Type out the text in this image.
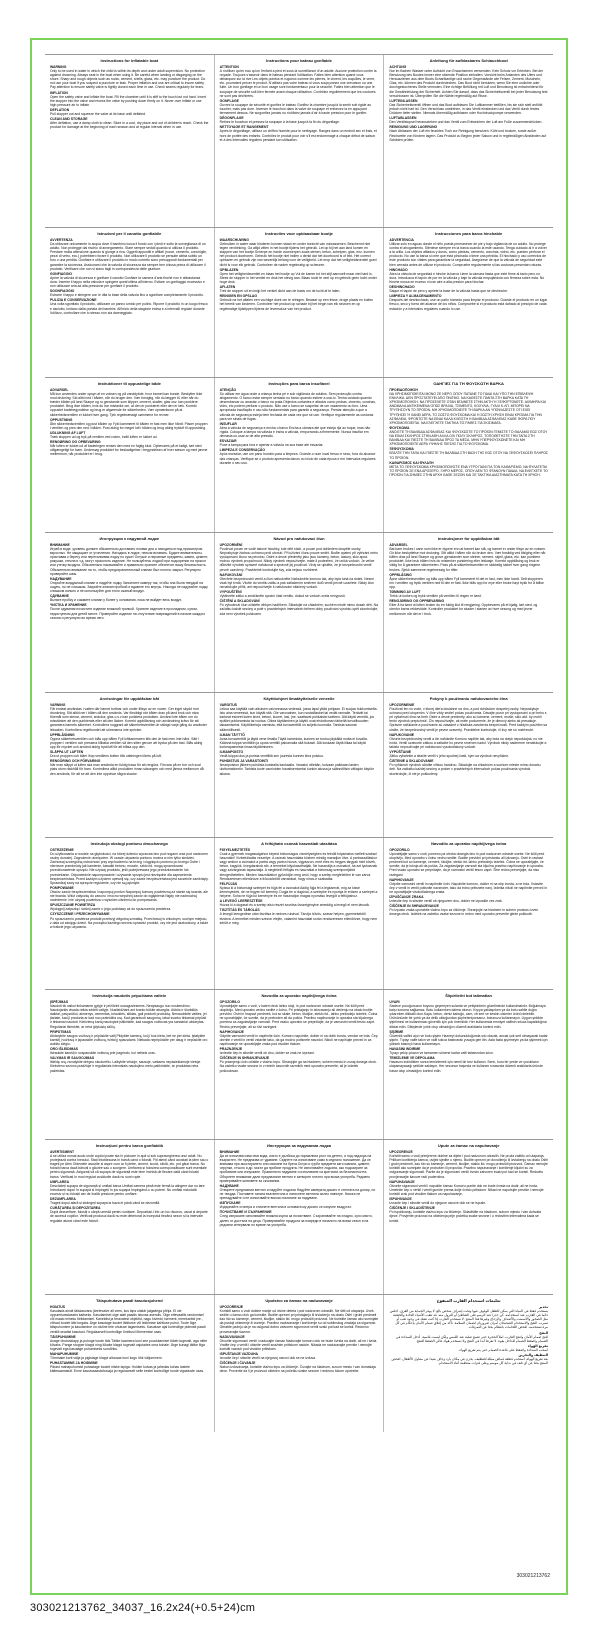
Instructions for inflatable boat
WARNING
Only to be used in water in which the child is within its depth and under adult supervision. No protection against drowning. Always seat in the boat when using it. Be careful when landing or disgarging on the shore. Sharp and rough objects such as rocks, cement, shells, glass, etc. may puncture the product. Do not use your boat if you suspect a puncture or leak. Proper inflation and use are critical to insure safety. Pay attention to ensure safety valve is tightly closed each time in use. Check seams regularly for tears.
INFLATION
Open the safety valve and inflate the boat. Fill the chamber until it is stiff to the touch but not hard. Invert the stopper into the valve and recess the valve by pushing down firmly on it. Never over inflate or use high pressure air to inflate.
DEFLATION
Pull stopper out and squeeze the valve at its base until deflated.
CLEAN AND STORAGE
After deflation, use a damp cloth to clean. Store in a cool, dry place and out of children's reach. Check the product for damage at the beginning of each season and at regular interval when in use.
Instructions pour bateau gonflable
ATTENTION
A n'utiliser qu'en eau qu'on l'enfant a pied et sous la surveillance d'un adulte. Aucune protection contre la noyade. Toujours s'asseoir dans le bateau pendant l'utilisation. Faites bien attention quand vous debarquez sur la rive Les objets pointus et rugueux comme les pierres, le ciment, les coquilles, le verre, etc. pourraient percer le produit. N'utilisez pas votre bateau si vous soupçonnez une crevaison ou une fuite. Un bon gonflage et un bon usage sont fondamentaux pour la sécurité. Faites bien attention que le soupape de sécurité soit bien fermée avant chaque utilisation. Contrôlez régulièrement que les coutures ne sont pas déchirées.
GONFLAGE
Ouvrez la soupape de sécurité et gonflez le bateau Gonflez la chambre jusqu'à la sentir soit rigide au toucher, mais pas dure. Inverser le bouchon dans la valve de soupape et enfoncez la en appuyant fermement dessus. Ne surgonflez jamais ou n'utilisez jamais d'air à haute pression pour le gonfler.
DÉGONFLAGE
Retirez le bouchon et pressez la soupape à la base jusqu'à la fin du dégonflage.
NETTOYAGE ET RANGEMENT
Après le dégonflage, utilisez un chiffon humide pour le nettoyage. Rangez dans un endroit sec et frais, et hors de portée des enfants. Contrôlez le produit pour voir s'il est endommagé à chaque début de saison et à des intervalles réguliers pendant son utilisation.
Anleitung für aufblasbares Schlauchboot
ACHTUNG
Nur im flachen Wasser unter Aufsicht von Erwachsenen verwenden. Kein Schutz vor Ertrinken. Bei der Benutzung des Bootes immer eine sitzende Position einhalten. Vorsicht beim Anlanden des Ufers und Herausziehen aus dem Boots.Scharfkantige und rauhe Gegenstände wie Felsen, Zement, Muscheln, Glas, etc. können das Produkt durchstechen. Das Boot nicht benutzen, wenn Sie eine undichte oder durchgestochenes Stelle vermuten. Eine richtige Befüllung mit Luft und Benutzung ist entscheidend für die Gewährleistung der Sicherheit. Achten Sie darauf, dass das Sicherheitsventil bei jeder Benutzung fest verschlossen ist. Überprüfen Sie die Nähte regelmäßig auf Risse.
LUFTEINLASSEN
Das Sicherheitsventil öffnen und das Boot aufblasen Die Luftkammer befüllen, bis sie sich steif anfühlt jedoch nicht hart ist. Den Verschluss umdrehen, in das Ventil einstecken und das Ventil durch festes Drücken tiefer stellen. Niemals übermäßig aufblasen oder Hochdruckpumpe verwenden.
LUFTABLASSEN
Den Ventilstopsel herausziehen und das Ventil zum Entweichen der Luft am Fuße zusammendrücken.
REINIGUNG UND LAGERUNG
Nach Ablassen der Luft ein feuchtes Tuch zur Reinigung benutzen. Kühl und trocken, sowie außer Reichweite von Kindern lagern. Das Produkt zu Beginn jeder Saison und in regelmäßigen Abständen auf Schäden prüfen.
Istruzioni per il canotto gonfiabile
AVVERTENZA
Da utilizzare unicamente in acqua dove il bambino tocca il fondo con i piedi e sotto la sorveglianza di un adulto. Non protegge dal rischio di annegamento. Stare sempre seduti quando si utilizza il prodotto. Prestare molta attenzione quando si giunge a riva. Oggetti appuntiti e affilati (rocce, cemento, conchiglie, pezzi di vetro, ecc.) potrebbero forare il prodotto. Non utilizzare il prodotto se pensate abbia subito un foro o una perdita. Gonfiare e utilizzare il prodotto in modo corretto sono presupposti fondamentali per garantire la sicurezza. Assicurarsi che la valvola di sicurezza sia sempre ben chiusa prima di utilizzare il prodotto. Verificare che non vi siano tagli in corrispondenza delle giunture.
GONFIAGGIO
Aprire la valvola di sicurezza e gonfiare il canotto Gonfiare la camera d'aria finché non è abbastanza dura. Inserire il tappo nella valvola e spingere quest'ultima all'interno. Evitare un gonfiaggio eccessivo e non utilizzare aria ad alta pressione per gonfiare il prodotto.
SGONFIAGGIO
Estrarre il tappo e stringere con le dita la base della valvola fino a sgonfiare completamente il prodotto.
PULIZIA E CONSERVAZIONE
Una volta sgonfiato il prodotto, utilizzare un panno umido per pulirlo. Riporre il prodotto in un luogo fresco e asciutto, lontano dalla portata dei bambini. All'inizio della stagione estiva e a intervalli regolari durante l'utilizzo, controllare che lo stesso non sia danneggiato.
Instructies voor opblaasbaar bootje
WAARSCHUWING
Gebruiken in water waar kinderen kunnen staan en onder toezicht van volwassenen. Beschermt niet tegen verdrinking. Ga altijd zitten in het bootje tijdens het gebruik. Let op bij het aan land komen en stappen van het bootje.Scherpe en harde voorwerpen zoals stenen, beton, schelpen, glas, enz. kunnen het product doorboren. Gebruik het bootje niet indien u denkt dat het doorboord is of lekt. Het correct opblazen en gebruik zijn van wezenlijk belang voor de veiligheid. Let erop dat het veiligheidsventiel goed dicht is voor elk gebruik. Controleer de naden regelmatig op scheuren.
OPBLAZEN
Open het veiligheidsventiel en blaas het bootje op Vul de kamer tot het stijf aanvoelt maar niet hard is. Steek de stopper in het ventiel en druk het stevig aan. Blaas nooit te veel op en gebruik geen lucht onder hoge druk.
AFLATEN
Trek de stopper uit en knijp het ventiel dicht aan de basis om de lucht af te laten.
REINIGEN EN OPSLAG
Gebruik na het aflaten een vochtige doek om te reinigen. Bewaar op een frisse, droge plaats en buiten het bereik van kinderen. Controleer het product op schade bij het begin van elk seizoen en op regelmatige tijdstippen tijdens de levensduur van het product.
Instrucciones para barca hinchable
ADVERTENCIA
Utilizar solo en aguas donde el niño pueda permanecer de pie y bajo vigilancia de un adulto. No protege contra el ahogamiento. Siéntese siempre en la barca cuando la esté usando. Tenga cuidado al ir a volver a la orilla. Los objetos afilados y duros, como piedras, cemento, conchas, vidrio, etc. pueden perforar el producto. No use la barca si cree que está pinchada o tiene una pérdida. El hinchado y uso correctos de este producto son vitales para garantizar la seguridad. Asegúrese de que la válvula de seguridad esté bien cerrada antes de utilizar el producto. Compruebe regularmente si las costuras presentan roturas.
HINCHADO
Abra la válvula de seguridad e hinche la barca Llene la cámara hasta que esté firme al tacto pero no dura. Introduzca el tapón de por en la válvula y baje la válvula empujándola con firmeza sobre esta. No hinche nunca en exceso ni use aire a alta presión para hinchar.
DESHINCHADO
Saque el tapón de pero y apriete la base de la válvula hasta que se deshinche.
LIMPIEZA Y ALMACENAMIENTO
Después del deshinchado, use un paño húmedo para limpiar el producto. Guarde el producto en un lugar fresco, seco y fuera del alcance de los niños. Compruebe si el producto está dañado al principio de cada estación y a intervalos regulares cuando lo use.
Instruktioner til oppustelige både
ADVARSEL
Må kun anvendes under opsyn af en voksen og på vanddybde, hvor barnet kan bunde. Beskytter ikke mod drukning. Sid altid ned i båden, når du bruger den. Vær forsigtig, når du lægger til, eller når du træder båden på land Skarpe og ru genstande som klipper, cement, skaller, glas osv. kan punktere produktet. Brug ikke båden, hvis du har mistanke om, at den er punkteret eller den er læk. Korrekt oppustet badebegyndelse og brug er afgørende for sikkerheden. Vær opmærksom på at sikkerhedsventilen er lukket hver gang. Tjek regelmæssigt sømmene for revner.
OPPUSTNING
Åbn sikkerhedsventilen og pust båden op Fyld kammeret til båden er fast men ikke hårdt. Placer proppen i ventilen og pres den ned i båden. Pust aldrig for meget luft i båden og brug aldrig trykluft til oppustning.
UDLUKNING AF LUFT
Træk stoppen ud og tryk på ventilen ved roden, indtil luften er lukket ud.
RENGØRING OG OPBEVARING
Når luften er lukket ud af baderingen renses den med en fugtig klud. Opbevares på et køligt, tørt sted utilgængeligt for børn. Undersøg produktet for beskadigelser i begyndelsen af hver sæson og med jævne mellemrum, når produktet er i brug.
Instruções para barca insuflável
ATENÇÃO
Só utilizar em água onde a criança tenha pé e sob vigilância de adultos. Sem protecção contra afogamento. O barco estar sempre sentado no barco quando estiver a usá-lo. Tenha cuidado quando desembarcar ou arrastar o barco na praia.Objectos cortantes e afiados como pedras, cimento, conchas, vidro, etc podem perfurar o produto. Não use o barco se suspeitar de um vazamento ou furo. Uma apropriada insuflação e uso são fundamentais para garantir a segurança. Prestar atenção a que a válvula de segurança esteja bem fechada de cada vez que se use. Verifique regularmente as costuras para ver sinais de fugas.
INSUFLAR
Abra a válvula de segurança e encha o barco Encha a câmara até que esteja rija ao toque, mas não rígida. Coloque a tampa na válvula e insira a válvula, empurrando-a firmemente. Nunca insuflar em demasia ou usar ar de alta pressão.
ESVAZIAR
Puxe a tampa para fora e apertar a válvula na sua base até esvaziar.
LIMPEZA E CONSERVAÇÃO
Após esvaziar, use um pano húmido para a limpeza. Guarde-o num local fresco e seco, fora do alcance das crianças. Verifique se o produto apresenta danos no início de cada época e em intervalos regulares durante o seu uso.
ΟΔΗΓΙΕΣ ΓΙΑ ΤΗ ΦΟΥΣΚΩΤΗ ΒΑΡΚΑ
ΠΡΟΕΙΔΟΠΟΙΗΣΗ
ΝΑ ΧΡΗΣΙΜΟΠΟΙΕΙΤΑΙ ΜΟΝΟ ΣΕ ΝΕΡΟ ΟΠΟΥ ΠΑΤΑΝΕ ΤΟ ΠΑΙΔΙ ΚΑΙ ΥΠΟ ΤΗΝ ΕΠΙΒΛΕΨΗ ΕΝΗΛΙΚΑ. ΔΕΝ ΠΡΟΣΤΑΤΕΥΕΙ ΑΠΟ ΠΝΙΓΜΟ. ΝΑ ΚΑΘΕΣΤΕ ΠΑΝΤΑ ΣΤΗ ΒΑΡΚΑ ΚΑΤΑ ΤΗ ΧΡΗΣΙΜΟΠΟΙΗΣΗ. ΝΑ ΠΡΟΣΕΧΕΤΕ ΟΤΑΝ ΒΓΑΙΝΕΤΕ ΣΤΗΝ ΑΚΤΗ Ή ΞΕΦΟΡΤΩΝΕΤΕ. ΑΙΧΜΗΡΑ ΚΑΙ ΑΝΩΜΑΛΑ ΑΝΤΙΚΕΙΜΕΝΑ ΟΠΩΣ ΒΡΑΧΙΑ, ΤΣΙΜΕΝΤΟ, ΚΟΧΥΛΙΑ, ΓΥΑΛΙ Κ.ΛΠ. ΜΠΟΡΕΙ ΝΑ ΤΡΥΠΗΣΟΥΝ ΤΟ ΠΡΟΪΟΝ. ΜΗ ΧΡΗΣΙΜΟΠΟΙΕΙΤΕ ΤΗ ΒΑΡΚΑ ΑΝ ΥΠΟΨΙΑΖΕΣΤΕ ΟΤΙ ΕΧΕΙ ΤΡΥΠΗΣΕΙ Ή ΧΑΝΕΙ ΑΕΡΑ. ΤΟ ΣΩΣΤΟ ΦΟΥΣΚΩΜΑ ΚΑΙ Η ΣΩΣΤΗ ΧΡΗΣΗ ΕΙΝΑΙ ΚΡΙΣΙΜΑ ΓΙΑ ΤΗΝ ΑΣΦΑΛΕΙΑ. ΦΡΟΝΤΙΣΤΕ ΝΑ ΕΙΝΑΙ ΚΑΛΑ ΚΛΕΙΣΤΗ Η ΒΑΛΒΙΔΑ ΑΣΦΑΛΕΙΑΣ ΚΑΘΕ ΦΟΡΑ ΠΟΥ ΧΡΗΣΙΜΟΠΟΙΕΙΤΑΙ. ΝΑ ΕΛΕΓΧΕΤΕ ΤΑΚΤΙΚΑ ΤΙΣ ΡΑΦΕΣ ΓΙΑ ΣΚΙΣΙΜΑΤΑ.
ΦΟΥΣΚΩΜΑ
ΑΝΟΙΞΤΕ ΤΗ ΒΑΛΒΙΔΑ ΑΣΦΑΛΕΙΑΣ ΚΑΙ ΦΟΥΣΚΩΣΤΕ ΤΟ ΠΡΟΪΟΝ ΓΕΜΙΣΤΕ ΤΟ ΘΑΛΑΜΟ ΕΩΣ ΟΤΟΥ ΝΑ ΕΙΝΑΙ ΣΚΛΗΡΟΣ ΣΤΗΝ ΑΦΗ ΑΛΛΑ ΟΧΙ ΠΟΛΥ ΣΚΛΗΡΟΣ. ΤΟΠΟΘΕΤΗΣΤΕ ΤΗΝ ΤΑΠΑ ΣΤΗ ΒΑΛΒΙΔΑ ΚΑΙ ΠΙΕΣΤΕ ΤΗ ΒΑΛΒΙΔΑ ΠΡΟΣ ΤΑ ΜΕΣΑ. ΜΗΝ ΥΠΕΡΦΟΥΣΚΩΝΕΤΕ ΚΑΙ ΜΗ ΧΡΗΣΙΜΟΠΟΙΕΙΤΕ ΑΕΡΑ ΥΨΗΛΗΣ ΠΙΕΣΗΣ ΓΙΑ ΤΟ ΦΟΥΣΚΩΜΑ.
ΞΕΦΟΥΣΚΩΜΑ
ΒΓΑΛΤΕ ΤΗΝ ΤΑΠΑ ΚΑΙ ΠΙΕΣΤΕ ΤΗ ΒΑΛΒΙΔΑ ΣΤΗ ΒΑΣΗ ΤΗΣ ΕΩΣ ΟΤΟΥ ΝΑ ΞΕΦΟΥΣΚΩΣΕΙ ΠΛΗΡΩΣ ΤΟ ΠΡΟΪΟΝ.
ΚΑΘΑΡΙΣΜΟΣ ΚΑΙ ΦΥΛΑΞΗ
ΜΕΤΑ ΤΟ ΞΕΦΟΥΣΚΩΜΑ ΧΡΗΣΙΜΟΠΟΙΗΣΤΕ ΕΝΑ ΥΓΡΟ ΠΑΝΙ ΓΙΑ ΤΟΝ ΚΑΘΑΡΙΣΜΟ. ΝΑ ΦΥΛΑΓΕΤΑΙ ΤΟ ΠΡΟΪΟΝ ΣΕ ΕΝΑ ΔΡΟΣΕΡΟ, ΞΗΡΟ ΜΕΡΟΣ, ΟΠΟΥ ΔΕΝ ΤΟ ΦΤΑΝΟΥΝ ΠΑΙΔΙΑ. ΝΑ ΕΛΕΓΧΕΤΕ ΤΟ ΠΡΟΪΟΝ ΓΙΑ ΖΗΜΙΕΣ ΣΤΗΝ ΑΡΧΗ ΚΑΘΕ ΣΕΖΟΝ ΚΑΙ ΣΕ ΤΑΚΤΙΚΑ ΔΙΑΣΤΗΜΑΤΑ ΚΑΤΑ ΤΗ ΧΡΗΣΗ.
Инструкция к надувной лодке
ВНИМАНИЕ
Играй в воде, уровень должен обязательно доставать ногами дна и находиться под присмотром взрослых. Не защищает от утопления. Находясь в лодке, нельзя вставать. Будьте внимательны, приставая к берегу или переталкивая лодку по суше! Острые и неровные предметы, камни, цемент, ракушки, стекла и т.д. могут проколоть изделие. Не пользуйтесь лодкой при подозрении на прокол или утечку воздуха. Обязательно накачивайте и правильно храните обеспечит вашу безопасность. Обязательно внимание на то, чтобы предохранительный клапан был плотно закрыт. Регулярно проверяйте швы.
НАДУВАНИЕ
Откройте воздушный клапан и надуйте лодку Заполните камеру так, чтобы она была твердой на ощупь, но не слишком. Закройте клапан пробкой и вдавите его внутрь. Никогда не надувайте лодку слишком сильно и не используйте для этого сжатый воздух.
СДУВАНИЕ
Выньте пробку и сожмите клапан у более у основания, пока не выйдет весь воздух.
ЧИСТКА И ХРАНЕНИЕ
После сдувания почистите изделие влажной тряпкой. Храните изделие в прохладном, сухом, недоступном для детей месте. Проверяйте изделие на отсутствие повреждений в начале каждого сезона и регулярно во время него.
Návod pro nafukovací člun
UPOZORNĚNÍ
Používat pouze ve vodě takové hloubky, kde dítě stačí, a pouze pod dohledem dospělé osoby. Neposkytuje žádnou ochranu proti utonutí. Při užívání člunu pouze sedět. Buďte opatrní při vylézání nebo vystupování člunu na pevninu. Ostré a drsné předměty jako jsou kameny, beton, lastury, sklo apod. mohou výrobek propíchnout. Nikdy výrobek nepoužívejte, máte-li podezření, že uniká vzduch. Je velice důležité výrobek správně nafukovat a správně jej používat. Vždy se ujistěte, že je bezpečnostní ventil pevně uzavřený. Pravidelně kontrolujte švy, zda nejsou roztržené.
NAFUKOVÁNÍ
Otevřete bezpečnostní ventil a člun nafoukněte Nafoukněte komoru tak, aby byla tuhá na dotek. Nesmí však být tvrdá. Vložte do ventilu zátku a pak zatlačením směrem dolů ventil pevně uzavřete. Nikdy člun nenafukujte příliš, ani nepoužívejte k nafukování stlačený vzduch.
VYPOUŠTĚNÍ
Vytáhněte zátku a zmáčkněte spodní část ventilu, dokud se vzduch zcela nevypustí.
ČIŠTĚNÍ A SKLADOVÁNÍ
Po vyfouknutí člun očistěte vlhkým hadříkem. Skladujte na chladném, suchém místě mimo dosah dětí. Na začátku každé sezóny a poté v pravidelných intervalech během doby používání výrobku opět zkontrolujte, zda není výrobek poškozen.
Instruksjoner for oppblåsbar båt
ADVARSEL
Bat bare brukes i vann som ikke er dypere enn at barnet kan stå, og barnet er under tilsyn av en voksen. Gir ikke beskyttelse mot drukning. Sitt alltid i båten når du bruker den. Vær forsiktig ved tilsiging eller når båten dras på land Skarpe og grove gjenstander som steiner, sement, skjell, glass, etc. kan punktere produktet. Ikke bruk båten hvis du mistenker punktering eller lekkasje. Korrekt oppblåsing og bruk er viktig for å garantere sikkerheten. Pass på at sikkerhetsventilen er skikkelig lukket hver gang ringene brukes. Sjekk sømmene regelmessig for rifter.
OPPBLÅSING
Åpne sikkerhetsventilen og blås opp båten Fyll kammeret til det er fast, men ikke hardt. Sett stopperen inn i ventilen og trykk ventilen ned til den er fast. Ikke blås opp for mye eller bruke høyt trykk for å blåse opp.
TØMMING AV LUFT
Trekk ut korken og trykk ventilen på ventilen til ringen er tømt.
RENGJØRING OG OPPBEVARING
Etter å ha tømt ut luften bruker du en fuktig klut til rengjøring. Oppbevares på et kjølig, tørt sted, og utenfor barns rekkevidde. Kontroller produktet for skader i starten av hver sesong og med jevne mellomrom når det er i bruk.
Anvisningar för uppblåsbar båt
VARNING
Får endast användas i vatten där barnet bottnar och under tillsyn av en vuxen. Ger inget skydd mot drunkning. Sitt alltid ner i båten då den används. Var försiktigt när båten dras på land bruk och nära föremål som stenar, cement, snäckor, glas o.s.v kan punktera produkten. Använd inte båten om du misstänker att den punkterats eller att den läcker. Korrekt uppblåsning och användning krävs för att garantera barnets säkerhet. Kontrollera noggrant att säkerhetsventilen är stängd varje gång du använder leksaken. Kontrollera regelbundet att sömmarna inte spricker.
UPPBLÅSNING
Öppna säkerhetsventilen och blås upp båten Fyll luftkammaren tills den är fast men inte hård. Sätt i proppen i ventilen och pressera tillbaka ventilen så den sitter genom att trycka på den fast. Blås aldrig upp för mycket och använd aldrig tryckluft för att blåsa upp den.
SLÄPPA UT LUFTEN
Dra ut proppen och kläm ihop ventilens botten tills vattningen tömts på luft.
RENGÖRING OCH FÖRVARING
När man släppt ut luften ska man använda en fuktig trasa för att rengöra. Förvara på en torr och sval plats utom räckhåll för barn. Kontrollera alltid produkten innan säsongen och med jämna mellanrum då den används, för att se att den inte uppvisar några skador.
Käyttöohjeet ilmatäytteiselle veneelle
VAROITUS
Lekua saa käyttää vain aikuisen valvonnassa vedessä, jossa lapsi yltää pohjaan. Ei suojaa hukkumiselta. Istu aina veneessä, kun käytät sitä. Ole varovainen, kun nostat/lasket tai vedät rannalle. Terävät tai karkeat esineet kuten kivet, betoni, kuoret, lasi, jne. saattavat puhkaista tuotteen. Älä käytä venettä, jos epäilet puhkeamista tai vuotoa. Oikea täyttäminen ja käyttö ovat ehdottoman tärkeitä turvallisuuden takaamiseksi. Käyttökertoja varmista, että turvaventtiili on suljettu kunnolla. Tarkista saumat säännöllisesti.
ILMAN TÄYTTÖ
Avaa turvaventtiili ja täytä vene ilmalla Täytä kammiota, kunnes se tuntuu jäykältä mutta ei kovalta. Käännä tulppa venttiiliin ja upota venttiili painamalla sitä tiukasti. Älä koskaan täytä liikaa tai käytä korkeapaineista ilmaa täyttämiseen.
ILMANPOISTO
Vedä tulppa ulos ja purista venttiiliä sen juuresta kunnes ilma poistuu.
PUHDISTUS JA VARASTOINTI
Ilmanpoiston jälkeen puhdista kostealla kankaalla. Varastoi viileään, kuivaan paikkaan lasten ulottumattomiin. Tarkista tuote vaurioiden havaitsemiseksi kunkin alussa ja säännöllisin väliajoin käytön aikana.
Pokyny k používaniu nafukovacieho člna
UPOZORNENIE
Používať len vo vode, v ktorej dieťa dosiahne na dno, a pod dohľadom dospelej osoby. Neposkytuje ochranu pred utopením. V člne vždy sedieť počas používania. Dávajte pozor pri vystupovaní a pri behu s pri vytiahnutí člna na breh Ostré a drsné predmety, ako sú kamene, cement, mušle, sklo atď. by mohli tento výrobok prepichnúť. Čln nepoužívajte, ak máte podozrenie, že je dierový alebo ak presakuje. Správne nafúkanie a používanie sú zásadné z hľadiska zaručenia bezpečnosti. Pred každým použitím sa uistite, že bezpečnostný ventil je pevne uzavretý. Pravidelne kontrolujte, či švy nie sú roztrhnuté.
NAFUKOVANIE
Otvorte bezpečnostný ventil a čln nafúknite Komoru naplňte tak, aby bola na dotyk nepoddajná, no nie tvrdá. Ventil uzatvorte zátkou a zatlačte ho pevne smerom nadol. Výrobok nikdy nadmerne nenafukujte a takisto nepoužívajte pri nafukovaní vysokotlakový vzduch.
VYPÚŠŤANIE
Zátku vytiahnite a stlačte ventil v jeho spodnej časti, kým sa výrobok nevyfúkne.
ČISTENIE A SKLADOVANIE
Po vyfúknutí výrobok očistite vlhkou handrou. Skladujte na chladnom a suchom mieste mimo dosahu detí. Na začiatku každej sezóny a potom v pravidelných intervaloch počas používania výrobok skontrolujte, či nie je poškodený.
Instrukcja obsługi pontonu dmuchanego
OSTRZEŻENIE
Do użytkowania w wodzie na głębokości, na której dziecko wyczuwa dno pod nogami oraz pod nadzorem osoby dorosłej. Zagrożenie utonięciem. W czasie używania pontonu można w nim tylko siedzieć. Zachowaj szczególną ostrożność przy wychodzeniu na brzeg i ciągnięciu pontonu po brzegu Ostre i nierówne przedmioty jak kamienie, kawałki betonu, muszle, szkło itd. mogą spowodować przedziurawienie sprzętu. Nie używaj produktu, jeśli podejrzewasz jego przedziurawienie lub przeciekanie. Odpowiednie napompowanie i używanie sprzętu jest niezbędne dla zapewnienia bezpieczeństwa. Przed każdym użyciem upewnij się, czy zawór bezpieczeństwa jest szczelnie zamknięty. Sprawdzaj szwy na sprzęcie regularnie, czy nie są pęknięte.
POMPOWANIE
Otwórz zawór bezpieczeństwa i napompuj ponton Napompuj komorę powietrzną aż stanie się twarda, ale nie twarda. Włóż zatyczkę do zaworu i mocno wepchnij zawór do wgłębienia Nigdy nie nadmuchuj nadmiernie i nie używaj powietrza o wysokim ciśnieniu do pompowania.
SPUSZCZANIE POWIETRZA
Wyciągnij zatyczkę i ściśnij zawór u jego podstawy aż do spuszczenia powietrza.
CZYSZCZENIE I PRZECHOWYWANIE
Po spuszczeniu powietrza produkt przetrzyj wilgotną szmatką. Przechowuj w chłodnym, suchym miejscu, z dala od zasięgu dzieci. Na początku każdego sezonu sprawdź produkt, czy nie jest uszkodzony, a także w trakcie jego używania.
A felfújható csónak használati utasítása
FIGYELMEZTETÉS
Csak a gyermek magasságához képest biztonságos vízmélységben és felnőtt folyamatos mellett szabad használni! Vízbefulladás veszélye. A csónak használata közben mindig maradjon ülve. A partraszálláskor vagy amikor a csónakot a partra vagy parton húzza, vigyázzon, mert éles és hegyes tárgyak mint kövek, beton, kagylók, üvegdarabok stb. a terméket kilyukaszthatják. Ne használja a csónakot, ha azt lyukasnak vagy szivárgónak tapasztalja. A megfelelő felfújás és használat a biztonság szempontjából elengedhetetlen. Minden használatkor győződjön meg arról, hogy a szelep megfelelően le van zárva. Rendszeresen ellenőrizze a fröccsöntött varratokat, hogy nincs-e szakadás.
FELFÚJÁS
Nyissa ki a biztonsági szelepet és fújja fel a csónakot Addig fújja fel a légkamrát, míg az kissé keményedett, de ne legyen túl kemény. Dugja be a dugóval, a szelepbe és nyomja le erősen a szelepet a helyére. Soha ne fújja túl keményre és ne használjon magas nyomású levegőt a felfújáshoz.
A LEVEGŐ LEERESZTÉSE
Húzza ki a dugaszt és a szelep alsó részét szorítsa összeigénylve ameddig a levegő el nem távozik.
TISZTÍTÁS ÉS TÁROLÁS
A levegő leengedése után tisztítsa le nedves ruhával. Tárolja hűvös, száraz helyen, gyermekektől elzárva. A terméket minden szezon elején, valamint használat során rendszeresen ellenőrizze, hogy nem sérült-e meg.
Navodilo za uporabo napihljivega čolna
OPOZORILO
Uporabljajte samo v vodi, pomeno pa otroka dosegla dno in pod nadzorom odrasle osebe. Ne ščiti pred utopitvijo. Med uporabo v čolnu vedno sedite. Bodite previdni pri pristanku ali izkrcanju. Ostri in raskavi predmeti kot so kamenje, cement, školjke, steklo itd. lahko prebodejo izdelek. Čolna ne uporabljajte, če sumite, da je luknja ali da pušča. Za zagotavljanje varnosti sta ključna pravilno napihovanje in uporaba. Pred vsako uporabo se prepričajte, da je varnostni ventil tesno zaprt. Šive redno preverjajte, da niso raztrgani.
NAPIHOVANJE
Odprite varnostni ventil in napihnite čoln. Napolnite komoro, dokler ni na otip čvrsta, a ne trda. Vstavite čep v ventil in ventil potisnite navznoter, tako da trdno pritisnete nanj. Izdelka nikoli ne napihnite preveč in ne uporabljajte visokotlačnega zraka.
IZPUŠČANJE ZRAKA
Izvlecite čep in stisnite ventil ob njegovem dnu, dokler ne izpustite ves zrak.
ČIŠČENJE IN SHRANJEVANJE
Po izpustu zraka uporabite vlažno krpo za čiščenje. Shranjujte na hladnem in suhem prostoru izven dosega otrok. Izdelek na začetku vsake sezone in redno med uporabo preverite glede poškodb.
Instrukcija naudotis pripučiama valtele
ĮSPĖJIMAS
Naudoti tik vaikui tinkamame gylyje ir prižiūrint suaugusiesiems. Neapsaugo nuo nuskendimo. Naudojantis visada reikia sėdėti valtyje. Nusileidžiant ant kranto būkite atsargūs. Aštrūs ir šiurkštūs daiktai, pavyzdžiui, akmenys, cementas, kriauklės, stiklas, gali pradurti produktą. Nenaudokite valties, jei įtariate, kad ji pradurta ar kad nuo praleidžia orą. Kad garantuoti saugumą, labai svarbu tinkamai pripūsti ir tinkamai naudoti. Kiekvieną kartą naudojant įsitikinkite, kad saugos vožtuvas yra sandariai uždarytas. Reguliariai tikrinkite, ar nėra įplyšusių siūlių.
PRIPŪTIMAS
Atidarykite saugos vožtuvą ir pripūskite valtį Pildykite kamerą, kol ji bus kieta, bet ne per kieta. Įstatykite kamštį į vožtuvą ir įspauskite vožtuvą, tvirtai jį spausdami. Niekada nepripūskite per daug ir nepūskite oro aukštu slėgiu.
ORO IŠLEIDIMAS
Ištraukite kamštį ir suspauskite vožtuvą prie pagrindo, kol neišeis oras.
VALYMAS IR SAUGOJIMAS
Išleidę orą, nuvalykite drėgnu skudurėliu. Laikykite vėsioje, sausoje, vaikams nepasiekiamoje vietoje. Kiekvieno sezono pradžioje ir reguliariais intervalais naudojimo metu patikrinkite, ar produktas nėra pažeistas.
Navodila za uporabo napihljivega čolna
OPOZORILO
Uporabljajte samo v vodi, v kateri otrok lahko stoji, in pod nadzorom odrasle osebe. Ne ščiti pred utopitvijo. Med uporabo vedno sedite v čolnu. Pri pristajanju in izkrcavanju ali vlečenju na obalo bodite previdni. Ostri in hrapavi predmeti, kot so skale, beton, školjke, steklo itd., lahko prebodejo izdelek. Čolna ne uporabljajte, če sumite, da je preboden ali da pušča. Pravilno napihovanje in uporaba sta ključnega pomena za zagotavljanje varnosti. Pred vsako uporabo se prepričajte, da je varnostni ventil tesno zaprt. Redno preverjajte, ali so šivi raztrgani.
NAPIHOVANJE
Odprite varnostni ventil in napihnite čoln. Komoro napolnite, dokler ni na dotik čvrsta, vendar ne trda. Čep obrnite v ventil in ventil vstavite tako, da ga močno potisnete navzdol. Nikoli ne napihujte preveč in za napihovanje ne uporabljajte zraka pod visokim tlakom.
PRAZNJENJE
Izvlecite čep in stisnite ventil ob dnu, dokler se zrak ne izprazni.
ČIŠČENJE IN SHRANJEVANJE
Po praznjenju čoln očistite z vlažno krpo. Shranjujte ga na hladnem, suhem mestu in zunaj dosega otrok. Na začetku vsake sezone in v rednih časovnih razmikih med uporabo preverite, ali je izdelek poškodovan.
Šlipirtleiht bot talimatları
UYARI
Sadece çocuğunuzun boyunu geçmeyen sularda ve yetişkinlerin gözetiminde kullanılmalıdır. Boğulmaya karşı koruma sağlamaz. Botu kullanırken daima oturun. Kıyıya yaklaşırken ya da botu sahile doğru çıkarırken dikkatli olun.Kaya, beton, deniz kabuğu, cam, vb sert ve keskin cisimler ürünü delebilir. Ürününüzde bir yırtık ya da delik olduğundan şüpheleniyorsanız, botunuzu kullanmayın. Uygun şekilde şişirilmesi ve kullanılması güvenlik için çok önemlidir. Her kullanımda emniyet valfinin sıkıca kapatıldığına dikkat edin. Dikişlerde yırtık olup olmadığını düzenli aralıklarla kontrol edin.
ŞİŞİRME
Güvenlik valfini açın ve botu şişirin Hazneyi dokunulduğunda sıkı olacak, ancak çok sert olmayacak kadar şişirin. Tıpayı valfe takın ve valfi sıkıca bastırarak yuvaya geri itin. Asla fazla şişirmeyin ya da şişirmek için yüksek basınçlı hava kullanmayın.
HAVASINI INDIRME
Tıpayı çekip çıkarın ve tamamen sönene kadar valfi tabanından sıkın.
TEMİZLEME VE DEPOLAMA
Havasını indirdikten sonra temizlemek için nemli bir bez kullanın. Serin, kuru bir yerde ve çocukların ulaşamayacağı şekilde saklayın. Her sezonun başında ve kullanım sırasında düzenli aralıklarla üründe hasar olup olmadığını kontrol edin.
Instrucţiuni pentru barca gonflabilă
AVERTISMENT
A se utiliza numai acolo unde copilul poate sta în picioare în apă și sub supravegherea unui adult. Nu protejează contra înecului. Stați întotdeauna în barcă când o folosiți. Fiți atenți când acostați la țărm sau o trageți pe țărm Obiectele ascuțite și aspre cum ar fi pietre, ciment, scoici, sticlă, etc. pot găuri barca. Nu folosiți barca dacă bănuiți o găurire sau o scurgere. Umflarea și folosirea corespunzătoare sunt esențiale pentru siguranță. Asigurați-vă că supapa de siguranță este bine închisă de fiecare dată când folosiți barca. Verificați în mod regulat cusăturile dacă nu sunt rupte.
UMFLAREA
Deschideți supapa de siguranță și umflați barca Umflați camera până este fermă la atingere dar nu tare. Introduceți dopul în supapă și împingeți în jos supapa împingând-o cu putere. Nu umflați niciodată excesiv și nu folosiți aer de înaltă presiune pentru umflare.
DEZUMFLAREA
Trageți dopul afară și strângeți supapa la baza ei până când se dezumflă.
CURĂȚAREA ȘI DEPOZITAREA
După dezumflare, folosiți o cârpă umedă pentru curățare. Depozitați-l într-un loc răcoros, uscat și departe de accesul copiilor. Verificați produsul dacă nu este deteriorat la începutul fiecărui sezon și la intervale regulate atunci când este folosit.
Инструкции за надуваема лодка
ВНИМАНИЕ
Да се използва само във вода, която е дълбока до нормалния ръст на детето, и под надзора на възрастен. Не предпазва от удавяне. Седнете на използване само в седнало положение. Да се внимава при акостирането или сваляне на брега.Остри и груби предмети като камъни, цимент, черупки, стъкло и др. могат да пробият продукта. Не използвайте лодката, ако подозирате за пробиване или изпускане. Правилното надуване и използване са критични за безопасността. Обърнете внимание дали предпазният вентил е затворен плътно при всяка употреба. Редовно проверявайте шевовете за скъсвания.
НАДУВАНЕ
Отворете предпазния вентил и надуйте лодката Надуйте камерата докато е стегната на допир, но не твърда. Поставете тапата във вентила и натиснете вентила силно навътре. Никога не пренадувайте и не използвайте високо налягане за надуване.
ИЗПУСКАНЕ
Издърпайте стопера и стиснете вентила в основата му докато се изпусне въздухът.
ПОЧИСТВАНЕ И СЪХРАНЕНИЕ
След изпускане използвайте влажна кърпа за почистване. Съхранявайте на хладно, сухо място, далеч от достъпа на деца. Проверявайте продукта за повреди в началото на всеки сезон и на редовни интервали по време на употреба.
Upute za čamac na napuhavanje
UPOZORENJE
Koristiti samo u vodi primjerene dubine za dijete i pod nadzorom odraslih. Ne pruža zaštitu od utapanja. Prilikom korištenja čamca, uvijek sjedite u njemu. Budite oprezni pri dovođenju ili izvlačenju na obalu Oštri i grubi predmeti, kao što su kamenje, cement, školjke, staklo itd. mogu probušiti proizvod. Čamac nemojte koristiti ako sumnjate da je probušen ili propušta. Pravilno napuhavanje i korištenje ključni su za osiguravanje sigurnosti. Pazite da je sigurnosni ventil čvrsto zatvoren svaki put kad se koristi. Redovito provjeravajte šavove radi poderotina.
NAPUHAVANJE
Otvorite sigurnosni ventil i napušite čamac Komoru punite dok ne bude čvrsta na dodir, ali ne tvrda. Umetnite čep u ventil i ventil gurnite prema dolje čvrsto pritiskom. Nikad ne napuhujte previše i nemojte koristiti zrak pod visokim tlakom za napuhavanje.
ISPUHIVANJE
Izvucite čep i stisnite ventil do njegove osnove dok se ne ispuše.
ČIŠĆENJE I SKLADIŠTENJE
Po ispuhivanju, koristite vlažnu krpu za čišćenje. Skladištite na hladnom, suhom mjestu i van dohvata djece. Provjerite proizvod na oštećenja prije početka svake sezone i u redovitim intervalima kada se koristi.
Täispuhutava paadi kasutusjuhend
HOIATUS
Kasutada ainult täiskasvanu järelevalve all vees, kus laps ulatub jalgadega põhja. Ei ole uppumisvastaseks kaitseks. Kasutamisel olge alati paadis istuvas asendis. Olge ettevaatlik randumisel või maasi mineku tiirildamisel. Kaneidist ja teravatest objektid, nagu kivimid, tsement, merekarbid jne., võivad toodet läbi torgata. Ärge kasutage toodet läbitorke või lekkimise kahtluse puhul. Toote õige täispuhumine ja kasutamine on oluline teie ohutuse tagamiseks. Kasutuse ajal kontrollige pidevalt paadi ventiili seadist kasutust. Regulaarselt kontrollige õmblusi lõhenemise osas.
TÄISPUHUMINE
Avage ohutusklapp ja puhuge toode täis Täitke kaamera kuni see puudutamisel tükeb tugevalt, aga mitte kõvaks. Pange stopper klappi ning lükake klappi tugevalt vajutades oma kohale. Ärge kunagi täitke liiga tugevalt ega kasutage puhumiseks suruõhku.
MAHAPUHUMINE
Tõmmake korti välja ja pigistage klappi alloosas kuni kogu õhk väljuminem.
PUHASTAMINE JA HOIDMINE
Pärast mahapuhumist puhastage toodet niiske lapiga. Hoidke kuivas ja jahedas kohas lastele kättesaamatult. Enne kasutusaastahooaja ja regulaarselt selle kestel kontrollige toode vigastuste osas.
Uputstvo za čamac na naduvavanje
UPOZORENJE
Koristiti samo u vodi dubine manje od visine deteta i pod nadzorom odraslih. Ne štiti od utapanja. Uvek sedite u čamcu dok ga koristite. Budite oprezni pri pristajanju ili izvlačenju na obalu Oštri i grubi predmeti kao što su kamenje, cement, školjke, staklo itd. mogu probušiti proizvod. Ne koristite čamac ako sumnjate da postoji oštećenje ili curenje. Pravilno naduvavanje i korišćenje su od suštinskog značaja za sigurnost. Obratite pažnju da je na osigurač dobro zatvoren sigurnosni ventil svaki put kad se koristi. Redovno proveravajte šavove.
NADUVAVANJE
Otvorite sigurnosni ventil i naduvajte čamac Naduvajte komoru dok ne bude čvrsta na dodir, ali ne i tvrda. Vratite čep u ventil i utisnite ventil snažnim pritiskom nadole. Nikada ne naduvavajte previše i nemojte koristiti vazduh pod visokim pritiskom.
ISPUŠTANJE VAZDUHA
Izvucite čep i stisnite ventil na njegovoj osnovi dok se ne izduva.
ČIŠĆENJE I ČUVANJE
Nakon izduvavanja, koristite vlažnu krpu za čišćenje. Čuvajte na hladnom, suvom mestu i van domašaja dece. Proverite da li je proizvod oštećen na početku svake sezone i redovno tokom upotrebe.
تعليمات استخدام القارب المنفوخ
تحذير
يستخدم فقط في المياه التي يمكن للطفل الوقوف فيها وتحت إشراف شخص بالغ. لا يوفر الحماية من الغرق. اجلس دائما في القارب عند استخدامه. كن حذرا عند الرسو على الشاطئ أو النزول منه. قد تثقب الأشياء الحادة والخشنة مثل الصخور والأسمنت والأصداف والزجاج وغيرها هذا المنتج. لا تستخدم القارب إذا كنت تشك في وجود ثقب أو تسرب. النفخ والاستخدام الصحيحان أمران ضروريان لضمان السلامة. تأكد من إغلاق صمام الأمان بإحكام في كل مرة تستخدمه. افحص اللحامات بانتظام بحثا عن التمزقات.
النفخ
افتح صمام الأمان وانفخ القارب. املأ الحجرة حتى تصبح صلبة عند اللمس ولكن ليست قاسية. أدخل السدادة في الصمام واضغط الصمام للداخل بقوة. لا تفرط أبدا في النفخ ولا تستخدم هواء عالي الضغط للنفخ.
تفريغ الهواء
اسحب السدادة واضغط على قاعدة الصمام حتى يتم تفريغ الهواء.
التنظيف والتخزين
بعد تفريغ الهواء، استخدم قطعة قماش مبللة للتنظيف. يخزن في مكان بارد وجاف بعيدا عن متناول الأطفال. افحص المنتج بحثا عن أي تلف في بداية كل موسم وعلى فترات منتظمة أثناء الاستخدام.
303021213762
303021213762_34037_16.2x24(+0.5+24)cm
